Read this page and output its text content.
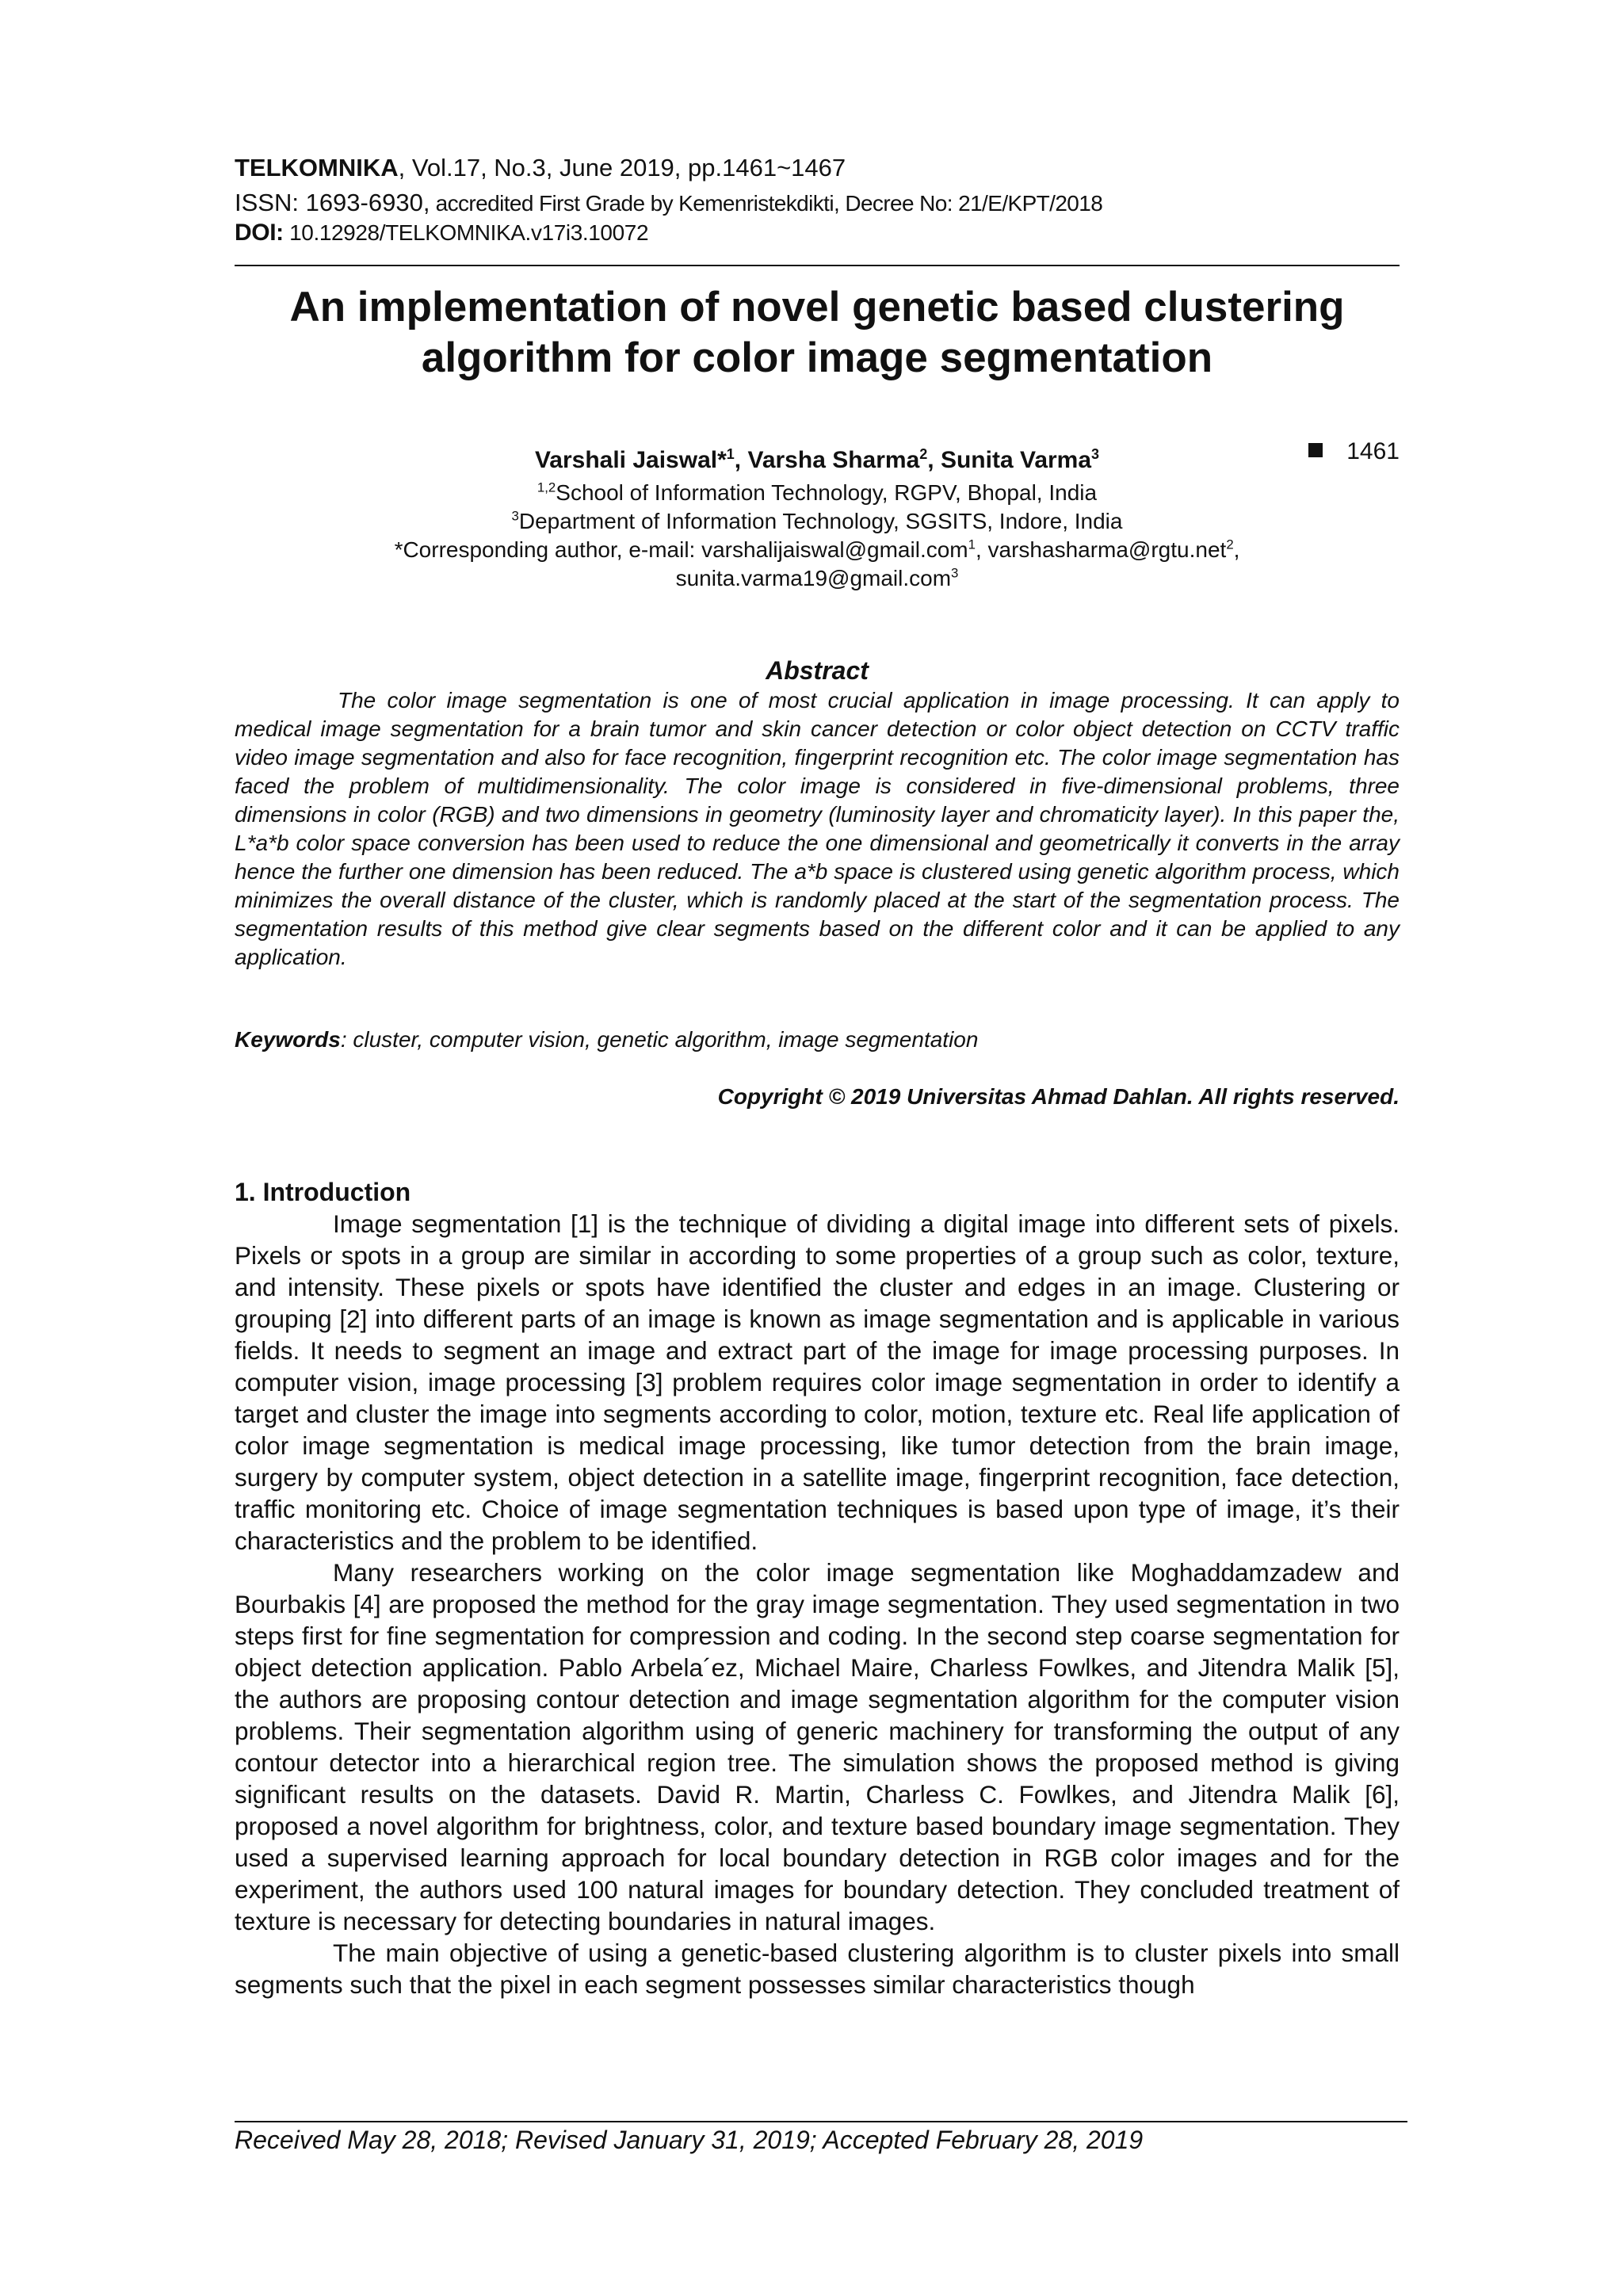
TELKOMNIKA, Vol.17, No.3, June 2019, pp.1461~1467
ISSN: 1693-6930, accredited First Grade by Kemenristekdikti, Decree No: 21/E/KPT/2018
DOI: 10.12928/TELKOMNIKA.v17i3.10072
1461
An implementation of novel genetic based clustering
algorithm for color image segmentation
Varshali Jaiswal*$^1$, Varsha Sharma$^2$, Sunita Varma$^3$
$^{1,2}$School of Information Technology, RGPV, Bhopal, India
$^3$Department of Information Technology, SGSITS, Indore, India
*Corresponding author, e-mail: varshalijaiswal@gmail.com$^1$, varshasharma@rgtu.net$^2$,
sunita.varma19@gmail.com$^3$
Abstract

The color image segmentation is one of most crucial application in image processing. It can apply to medical image segmentation for a brain tumor and skin cancer detection or color object detection on CCTV traffic video image segmentation and also for face recognition, fingerprint recognition etc. The color image segmentation has faced the problem of multidimensionality. The color image is considered in five-dimensional problems, three dimensions in color (RGB) and two dimensions in geometry (luminosity layer and chromaticity layer). In this paper the, L*a*b color space conversion has been used to reduce the one dimensional and geometrically it converts in the array hence the further one dimension has been reduced. The a*b space is clustered using genetic algorithm process, which minimizes the overall distance of the cluster, which is randomly placed at the start of the segmentation process. The segmentation results of this method give clear segments based on the different color and it can be applied to any application.

Keywords: cluster, computer vision, genetic algorithm, image segmentation
Copyright © 2019 Universitas Ahmad Dahlan. All rights reserved.
1. Introduction

Image segmentation [1] is the technique of dividing a digital image into different sets of pixels. Pixels or spots in a group are similar in according to some properties of a group such as color, texture, and intensity. These pixels or spots have identified the cluster and edges in an image. Clustering or grouping [2] into different parts of an image is known as image segmentation and is applicable in various fields. It needs to segment an image and extract part of the image for image processing purposes. In computer vision, image processing [3] problem requires color image segmentation in order to identify a target and cluster the image into segments according to color, motion, texture etc. Real life application of color image segmentation is medical image processing, like tumor detection from the brain image, surgery by computer system, object detection in a satellite image, fingerprint recognition, face detection, traffic monitoring etc. Choice of image segmentation techniques is based upon type of image, it’s their characteristics and the problem to be identified.

Many researchers working on the color image segmentation like Moghaddamzadew and Bourbakis [4] are proposed the method for the gray image segmentation. They used segmentation in two steps first for fine segmentation for compression and coding. In the second step coarse segmentation for object detection application. Pablo Arbela´ez, Michael Maire, Charless Fowlkes, and Jitendra Malik [5], the authors are proposing contour detection and image segmentation algorithm for the computer vision problems. Their segmentation algorithm using of generic machinery for transforming the output of any contour detector into a hierarchical region tree. The simulation shows the proposed method is giving significant results on the datasets. David R. Martin, Charless C. Fowlkes, and Jitendra Malik [6], proposed a novel algorithm for brightness, color, and texture based boundary image segmentation. They used a supervised learning approach for local boundary detection in RGB color images and for the experiment, the authors used 100 natural images for boundary detection. They concluded treatment of texture is necessary for detecting boundaries in natural images.

The main objective of using a genetic-based clustering algorithm is to cluster pixels into small segments such that the pixel in each segment possesses similar characteristics though

Received May 28, 2018; Revised January 31, 2019; Accepted February 28, 2019
